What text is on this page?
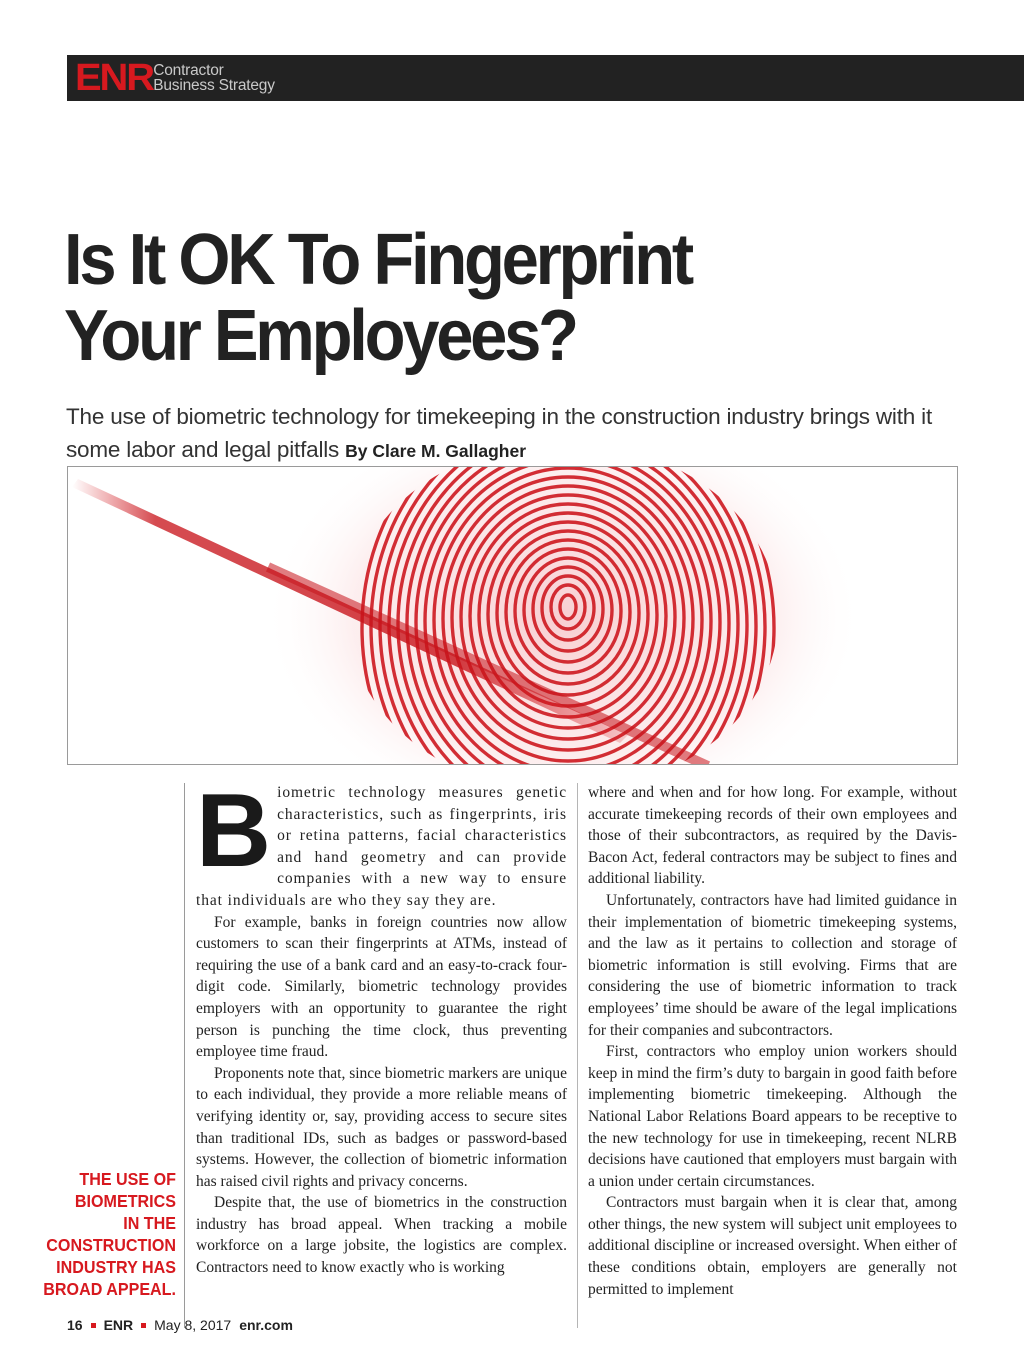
ENR Contractor
Business Strategy
Is It OK To Fingerprint
Your Employees?
The use of biometric technology for timekeeping in the construction industry brings with it some labor and legal pitfalls By Clare M. Gallagher
THE USE OF
BIOMETRICS
IN THE
CONSTRUCTION
INDUSTRY HAS
BROAD APPEAL.

Biometric technology measures genetic characteristics, such as fingerprints, iris or retina patterns, facial characteristics and hand geometry and can provide companies with a new way to ensure that individuals are who they say they are.

For example, banks in foreign countries now allow customers to scan their fingerprints at ATMs, instead of requiring the use of a bank card and an easy-to-crack four-digit code. Similarly, biometric technology provides employers with an opportunity to guarantee the right person is punching the time clock, thus preventing employee time fraud.

Proponents note that, since biometric markers are unique to each individual, they provide a more reliable means of verifying identity or, say, providing access to secure sites than traditional IDs, such as badges or password-based systems. However, the collection of biometric information has raised civil rights and privacy concerns.

Despite that, the use of biometrics in the construction industry has broad appeal. When tracking a mobile workforce on a large jobsite, the logistics are complex. Contractors need to know exactly who is working

where and when and for how long. For example, without accurate timekeeping records of their own employees and those of their subcontractors, as required by the Davis-Bacon Act, federal contractors may be subject to fines and additional liability.

Unfortunately, contractors have had limited guidance in their implementation of biometric timekeeping systems, and the law as it pertains to collection and storage of biometric information is still evolving. Firms that are considering the use of biometric information to track employees’ time should be aware of the legal implications for their companies and subcontractors.

First, contractors who employ union workers should keep in mind the firm’s duty to bargain in good faith before implementing biometric timekeeping. Although the National Labor Relations Board appears to be receptive to the new technology for use in timekeeping, recent NLRB decisions have cautioned that employers must bargain with a union under certain circumstances.

Contractors must bargain when it is clear that, among other things, the new system will subject unit employees to additional discipline or increased oversight. When either of these conditions obtain, employers are generally not permitted to implement

16 ENR May 8, 2017 enr.com
